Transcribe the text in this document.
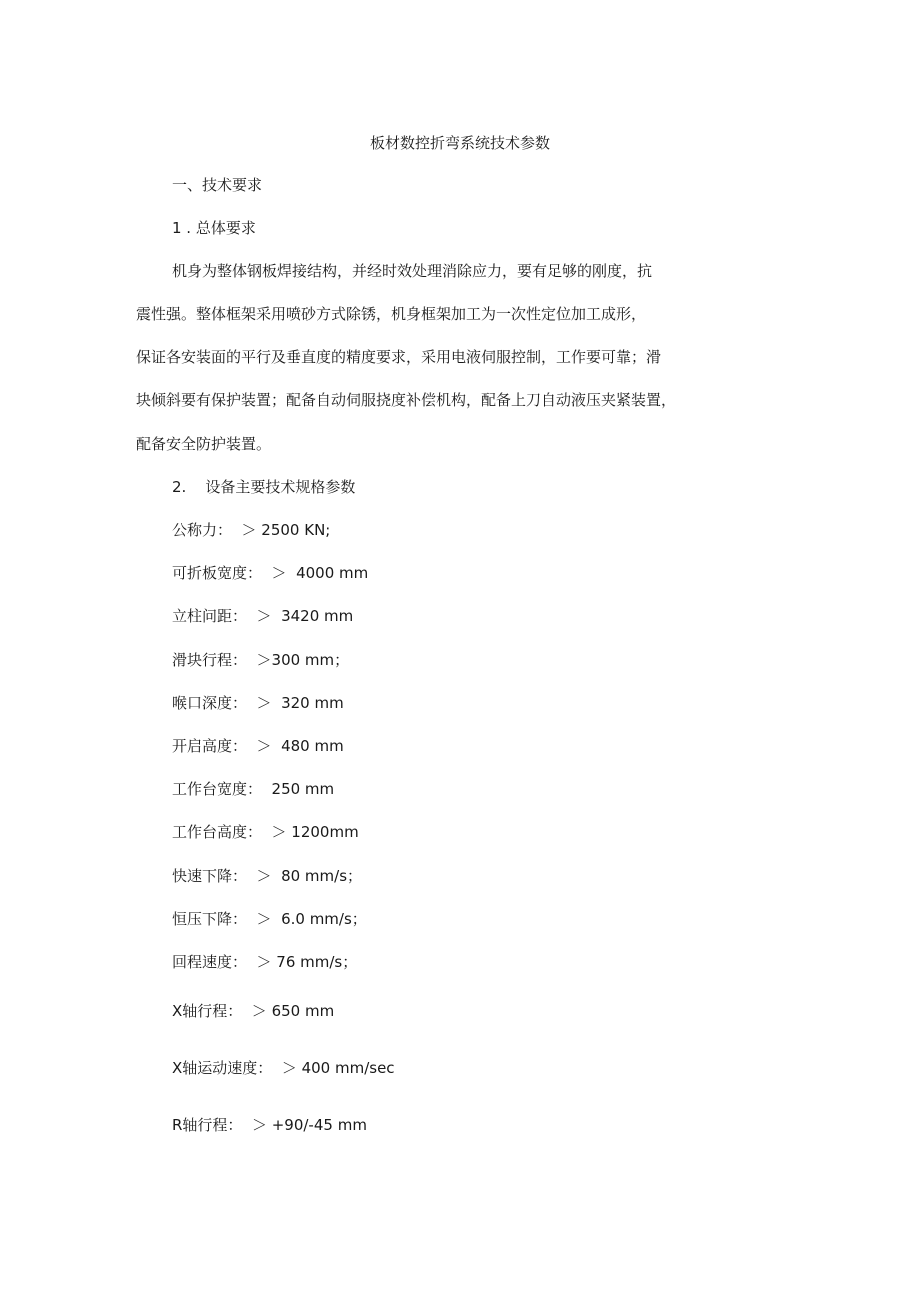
板材数控折弯系统技术参数
一、技术要求
1 . 总体要求
机身为整体钢板焊接结构，并经时效处理消除应力，要有足够的刚度，抗
震性强。整体框架采用喷砂方式除锈，机身框架加工为一次性定位加工成形，
保证各安装面的平行及垂直度的精度要求，采用电液伺服控制，工作要可靠；滑
块倾斜要有保护装置；配备自动伺服挠度补偿机构，配备上刀自动液压夹紧装置，
配备安全防护装置。
2.    设备主要技术规格参数
公称力：  ＞ 2500 KN;
可折板宽度：  ＞  4000 mm
立柱问距：  ＞  3420 mm
滑块行程：  ＞300 mm；
喉口深度：  ＞  320 mm
开启高度：  ＞  480 mm
工作台宽度：  250 mm
工作台高度：  ＞ 1200mm
快速下降：  ＞  80 mm/s；
恒压下降：  ＞  6.0 mm/s；
回程速度：  ＞ 76 mm/s；
X轴行程：  ＞ 650 mm
X轴运动速度：  ＞ 400 mm/sec
R轴行程：  ＞ +90/-45 mm
